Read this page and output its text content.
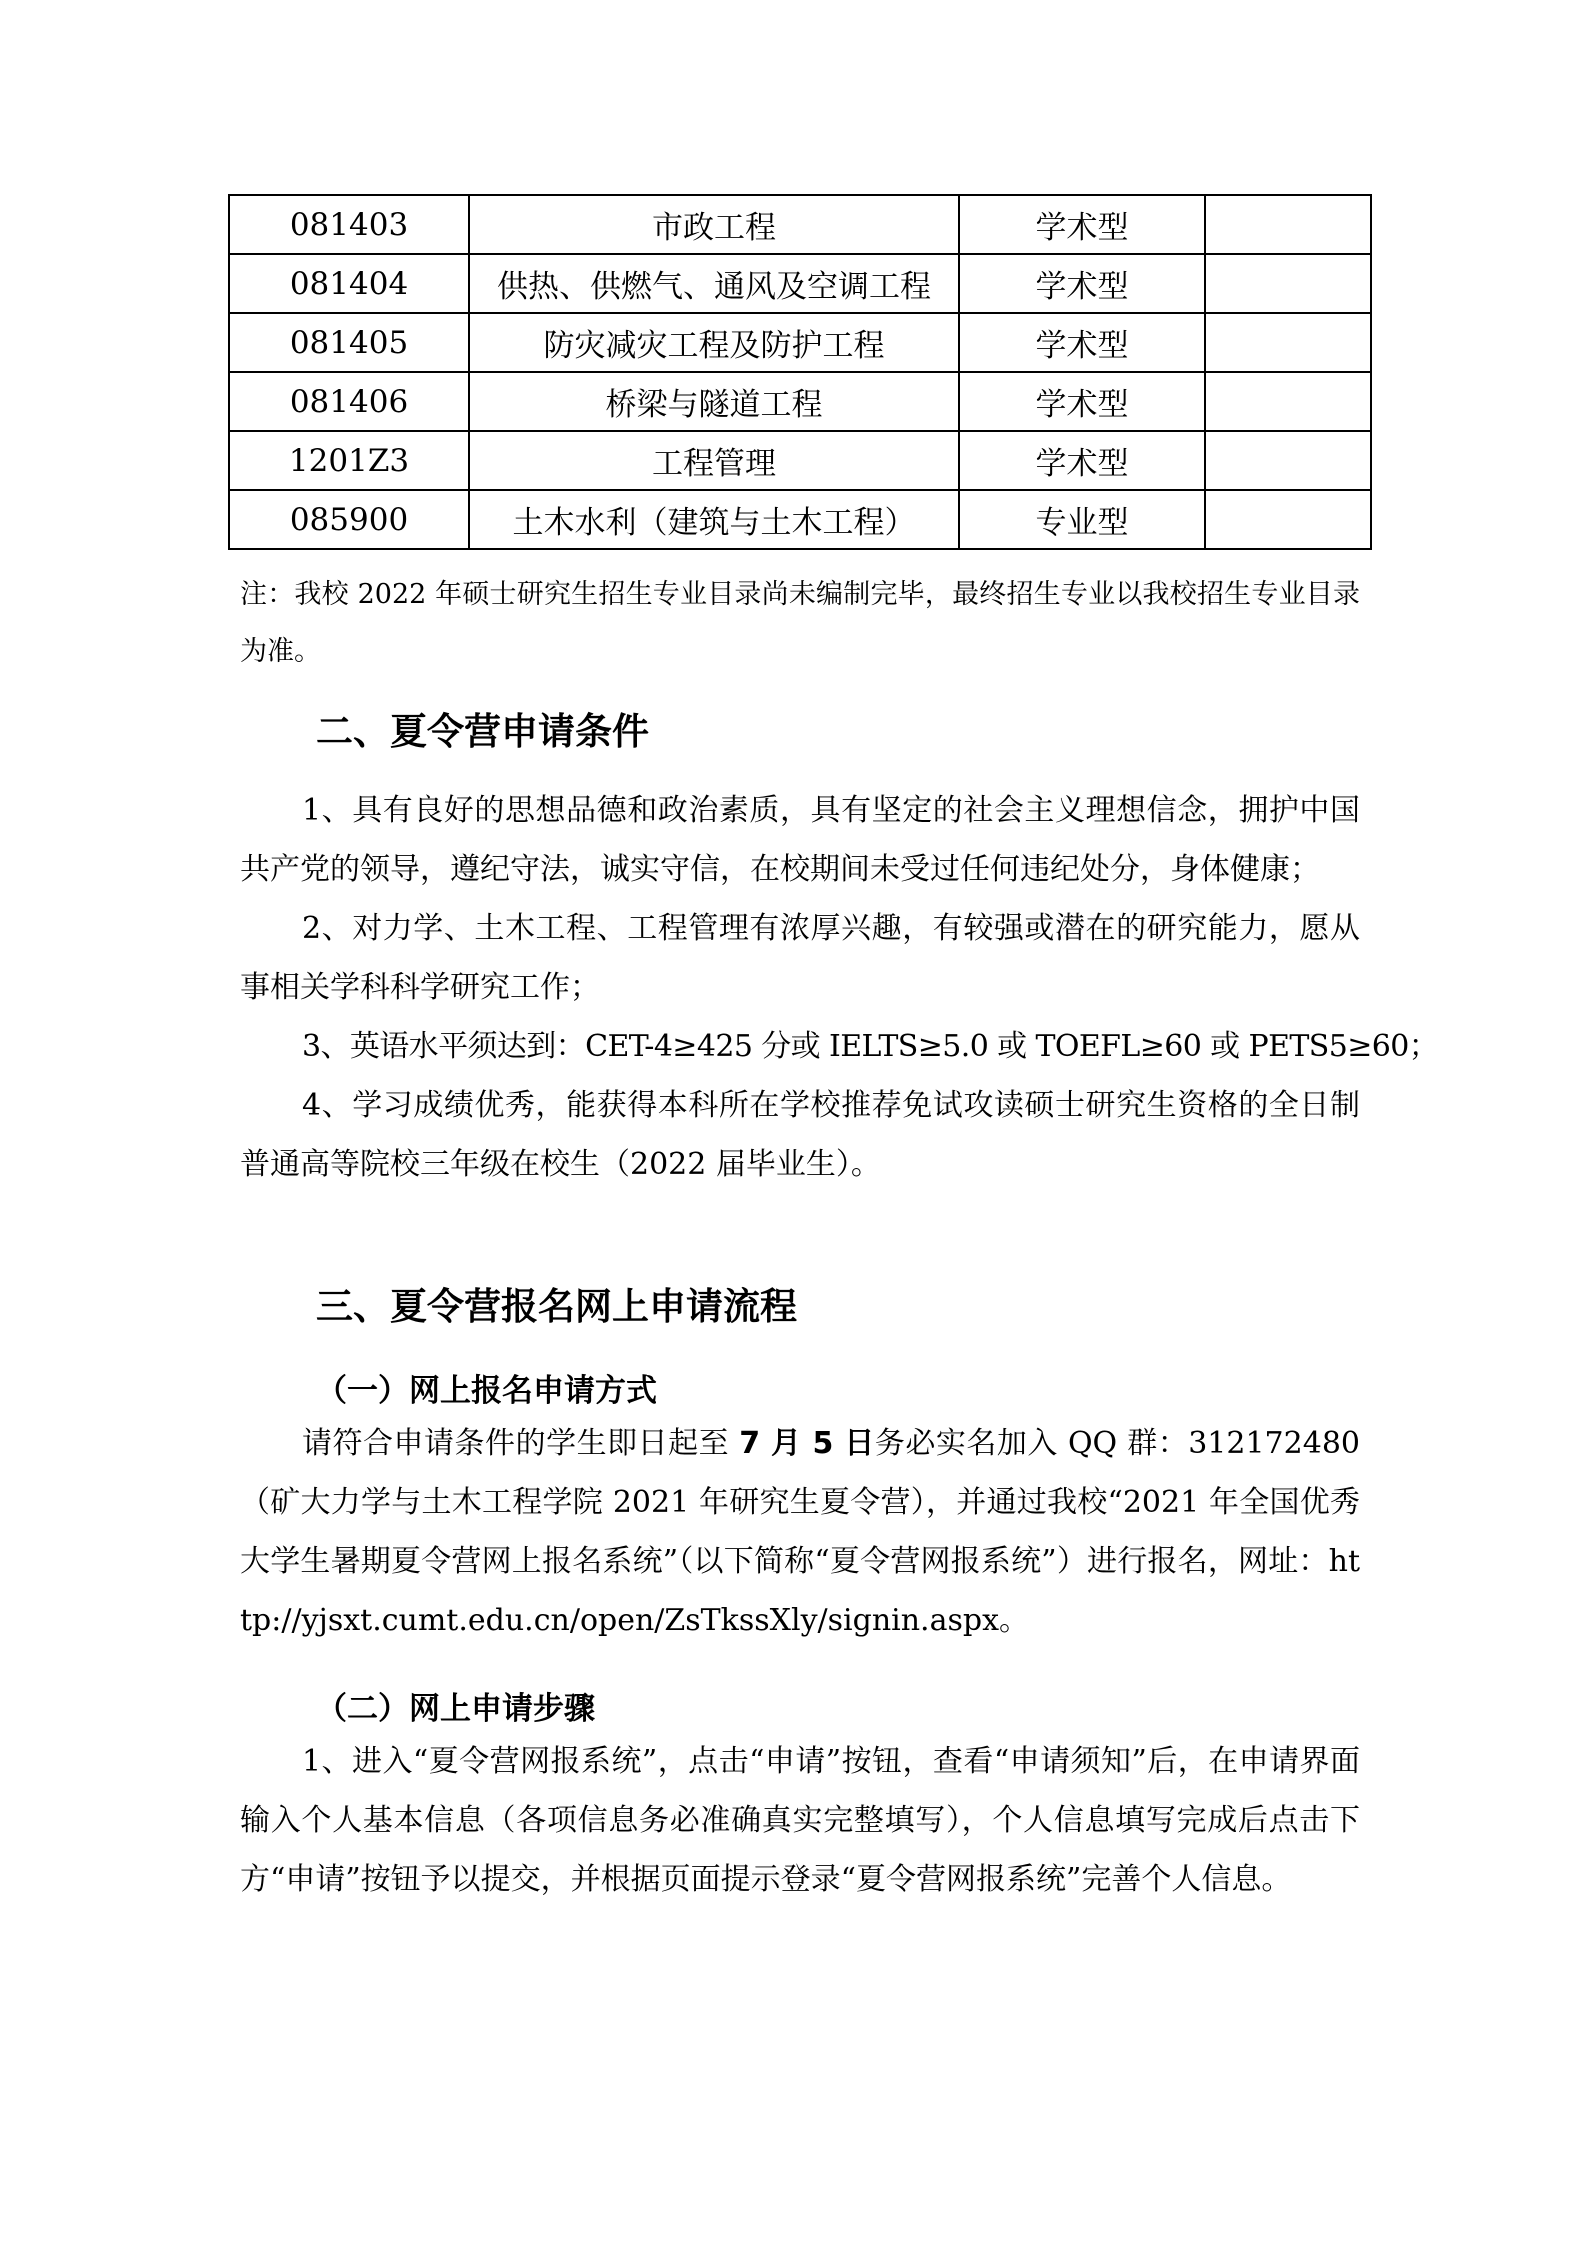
081403	市政工程	学术型	
081404	供热、供燃气、通风及空调工程	学术型	
081405	防灾减灾工程及防护工程	学术型	
081406	桥梁与隧道工程	学术型	
1201Z3	工程管理	学术型	
085900	土木水利（建筑与土木工程）	专业型	

注：我校 2022 年硕士研究生招生专业目录尚未编制完毕，最终招生专业以我校招生专业目录为准。

二、夏令营申请条件

1、具有良好的思想品德和政治素质，具有坚定的社会主义理想信念，拥护中国共产党的领导，遵纪守法，诚实守信，在校期间未受过任何违纪处分，身体健康；

2、对力学、土木工程、工程管理有浓厚兴趣，有较强或潜在的研究能力，愿从事相关学科科学研究工作；

3、英语水平须达到：CET-4≥425 分或 IELTS≥5.0 或 TOEFL≥60 或 PETS5≥60；

4、学习成绩优秀，能获得本科所在学校推荐免试攻读硕士研究生资格的全日制普通高等院校三年级在校生（2022 届毕业生）。

三、夏令营报名网上申请流程
（一）网上报名申请方式

请符合申请条件的学生即日起至 7 月 5 日务必实名加入 QQ 群：312172480（矿大力学与土木工程学院 2021 年研究生夏令营），并通过我校“2021 年全国优秀大学生暑期夏令营网上报名系统”（以下简称“夏令营网报系统”）进行报名，网址：http://yjsxt.cumt.edu.cn/open/ZsTkssXly/signin.aspx。

（二）网上申请步骤

1、进入“夏令营网报系统”，点击“申请”按钮，查看“申请须知”后，在申请界面输入个人基本信息（各项信息务必准确真实完整填写），个人信息填写完成后点击下方“申请”按钮予以提交，并根据页面提示登录“夏令营网报系统”完善个人信息。
